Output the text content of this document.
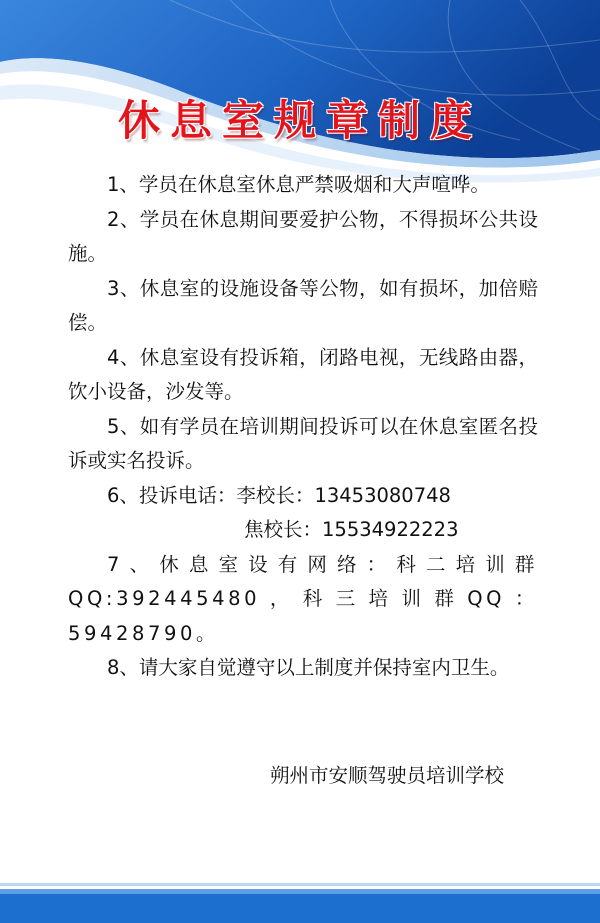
休息室规章制度

1、学员在休息室休息严禁吸烟和大声喧哗。

2、学员在休息期间要爱护公物，不得损坏公共设施。

3、休息室的设施设备等公物，如有损坏，加倍赔偿。

4、休息室设有投诉箱，闭路电视，无线路由器，饮小设备，沙发等。

5、如有学员在培训期间投诉可以在休息室匿名投诉或实名投诉。

6、投诉电话：李校长：13453080748

焦校长：15534922223

7、休息室设有网络：科二培训群QQ:392445480，科三培训群QQ：59428790。

8、请大家自觉遵守以上制度并保持室内卫生。

朔州市安顺驾驶员培训学校
